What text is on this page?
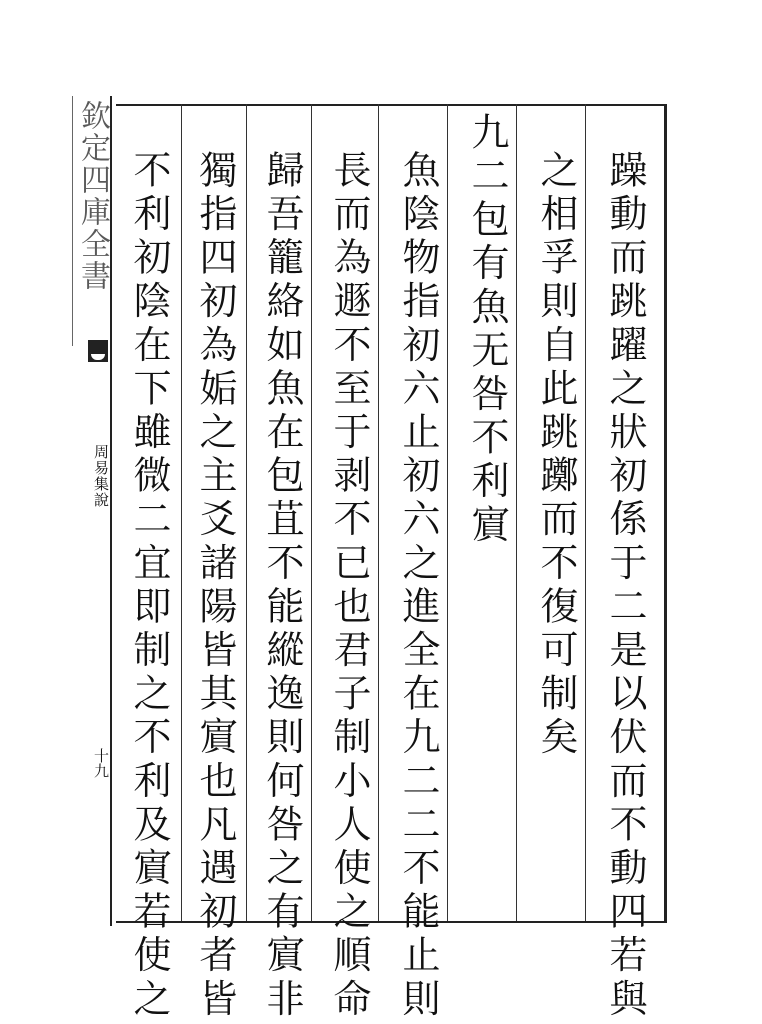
欽定四庫全書
周易集說
十九	躁動而跳躍之狀初係于二是以伏而不動四若與
之相孚則自此跳躑而不復可制矣
九二包有魚无咎不利賔
魚陰物指初六止初六之進全在九二二不能止則
長而為遯不至于剥不已也君子制小人使之順命
歸吾籠絡如魚在包苴不能縱逸則何咎之有賔非
獨指四初為姤之主爻諸陽皆其賔也凡遇初者皆
不利初陰在下雖微二宜即制之不利及賔若使之
